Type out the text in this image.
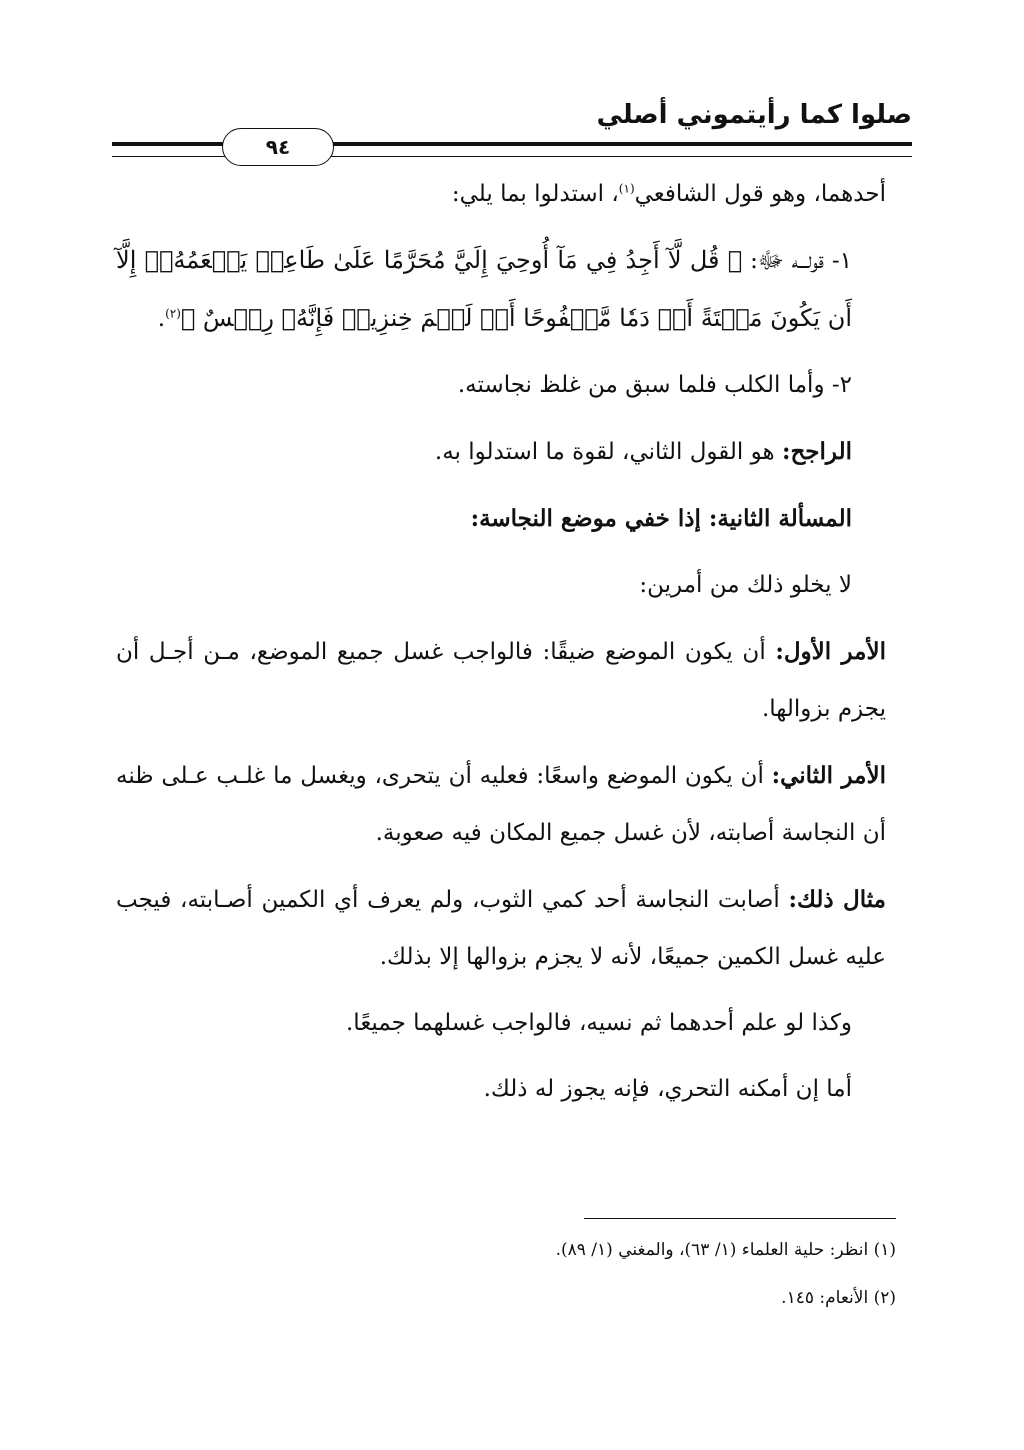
صلوا كما رأيتموني أصلي
٩٤

أحدهما، وهو قول الشافعي$^{(١)}$، استدلوا بما يلي:

١- قولـــه ﷻ: ﴿ قُل لَّآ أَجِدُ فِي مَآ أُوحِيَ إِلَيَّ مُحَرَّمًا عَلَىٰ طَاعِمٖ يَطۡعَمُهُۥٓ إِلَّآ أَن يَكُونَ مَيۡتَةً أَوۡ دَمٗا مَّسۡفُوحًا أَوۡ لَحۡمَ خِنزِيرٖ فَإِنَّهُۥ رِجۡسٌ ﴾$^{(٢)}$.

٢- وأما الكلب فلما سبق من غلظ نجاسته.

الراجح: هو القول الثاني، لقوة ما استدلوا به.

المسألة الثانية: إذا خفي موضع النجاسة:

لا يخلو ذلك من أمرين:

الأمر الأول: أن يكون الموضع ضيقًا: فالواجب غسل جميع الموضع، مـن أجـل أن يجزم بزوالها.

الأمر الثاني: أن يكون الموضع واسعًا: فعليه أن يتحرى، ويغسل ما غلـب عـلى ظنه أن النجاسة أصابته، لأن غسل جميع المكان فيه صعوبة.

مثال ذلك: أصابت النجاسة أحد كمي الثوب، ولم يعرف أي الكمين أصـابته، فيجب عليه غسل الكمين جميعًا، لأنه لا يجزم بزوالها إلا بذلك.

وكذا لو علم أحدهما ثم نسيه، فالواجب غسلهما جميعًا.

أما إن أمكنه التحري، فإنه يجوز له ذلك.

(١) انظر: حلية العلماء (١/ ٦٣)، والمغني (١/ ٨٩).
(٢) الأنعام: ١٤٥.
